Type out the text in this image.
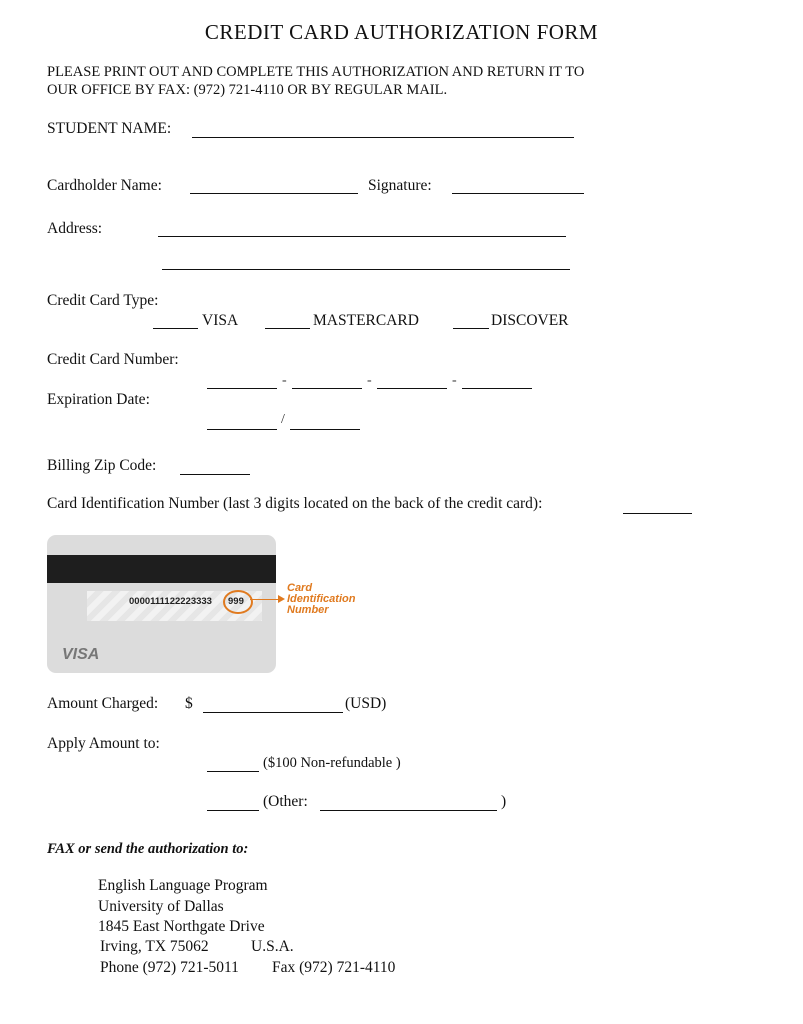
CREDIT CARD AUTHORIZATION FORM
PLEASE PRINT OUT AND COMPLETE THIS AUTHORIZATION AND RETURN IT TO
OUR OFFICE BY FAX: (972) 721-4110 OR BY REGULAR MAIL.
STUDENT NAME:
Cardholder Name:	Signature:
Address:
Credit Card Type:
VISA	MASTERCARD	DISCOVER
Credit Card Number:
-	-	-
Expiration Date:
/
Billing Zip Code:
Card Identification Number (last 3 digits located on the back of the credit card):
0000111122223333 999
VISA
Card
Identification
Number
Amount Charged: $	(USD)
Apply Amount to:
($100 Non-refundable )
(Other:	)
FAX or send the authorization to:
English Language Program
University of Dallas
1845 East Northgate Drive
Irving, TX 75062	U.S.A.
Phone (972) 721-5011 Fax (972) 721-4110
